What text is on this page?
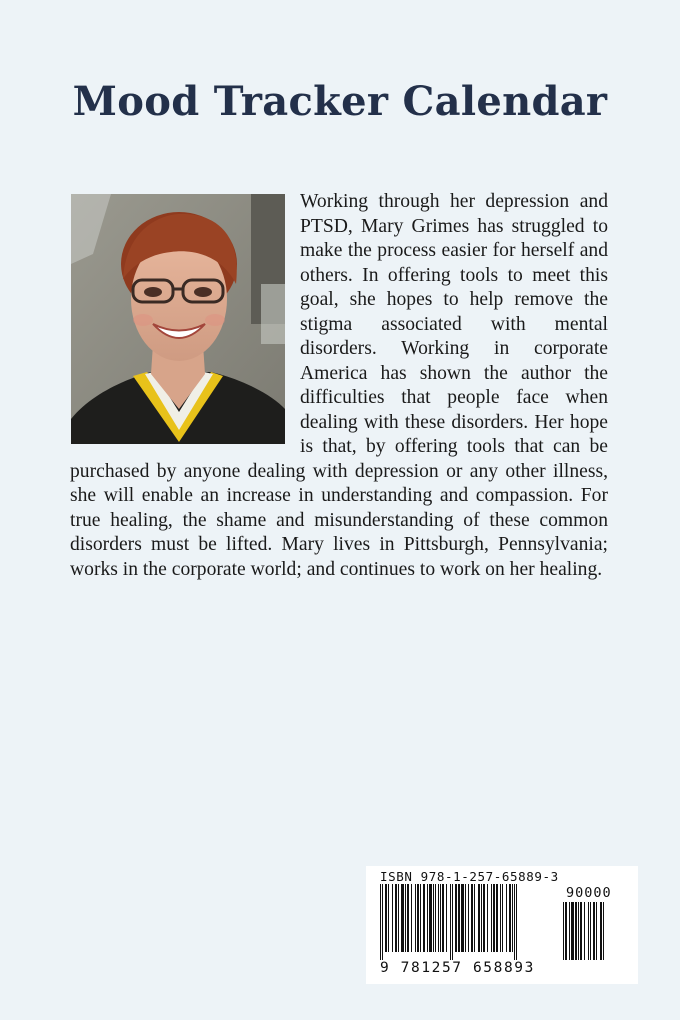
Mood Tracker Calendar

Working through her depression and PTSD, Mary Grimes has struggled to make the process easier for herself and others. In offering tools to meet this goal, she hopes to help remove the stigma associated with mental disorders. Working in corporate America has shown the author the difficulties that people face when dealing with these disorders. Her hope is that, by offering tools that can be purchased by anyone dealing with depression or any other illness, she will enable an increase in understanding and compassion. For true healing, the shame and misunderstanding of these common disorders must be lifted. Mary lives in Pittsburgh, Pennsylvania; works in the corporate world; and continues to work on her healing.

ISBN 978-1-257-65889-3
90000
9 781257 658893
